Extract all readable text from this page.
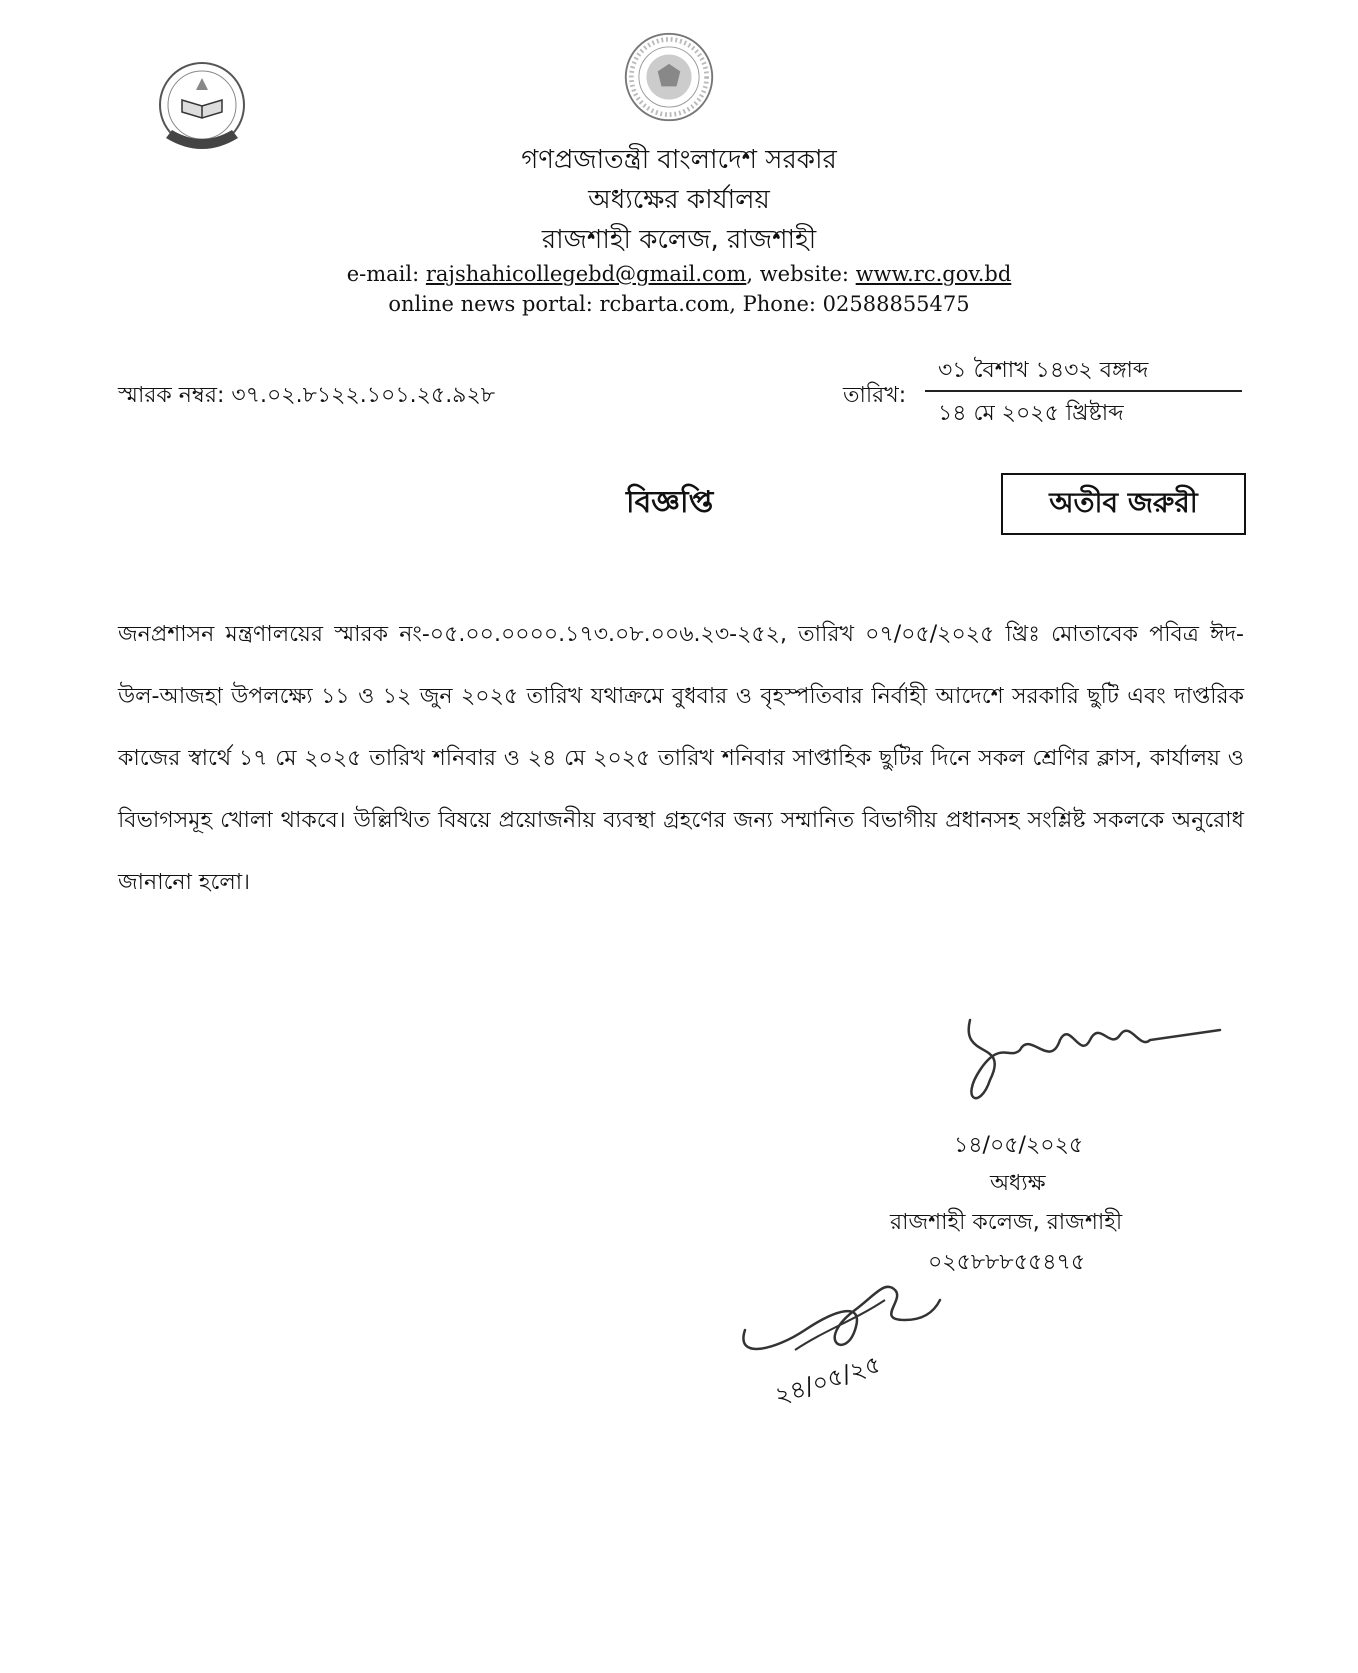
গণপ্রজাতন্ত্রী বাংলাদেশ সরকার
অধ্যক্ষের কার্যালয়
রাজশাহী কলেজ, রাজশাহী
e-mail: rajshahicollegebd@gmail.com, website: www.rc.gov.bd
online news portal: rcbarta.com, Phone: 02588855475
স্মারক নম্বর: ৩৭.০২.৮১২২.১০১.২৫.৯২৮	তারিখ:
৩১ বৈশাখ ১৪৩২ বঙ্গাব্দ
১৪ মে ২০২৫ খ্রিষ্টাব্দ
বিজ্ঞপ্তি	অতীব জরুরী
জনপ্রশাসন মন্ত্রণালয়ের স্মারক নং-০৫.০০.০০০০.১৭৩.০৮.০০৬.২৩-২৫২, তারিখ ০৭/০৫/২০২৫ খ্রিঃ মোতাবেক পবিত্র ঈদ-উল-আজহা উপলক্ষ্যে ১১ ও ১২ জুন ২০২৫ তারিখ যথাক্রমে বুধবার ও বৃহস্পতিবার নির্বাহী আদেশে সরকারি ছুটি এবং দাপ্তরিক কাজের স্বার্থে ১৭ মে ২০২৫ তারিখ শনিবার ও ২৪ মে ২০২৫ তারিখ শনিবার সাপ্তাহিক ছুটির দিনে সকল শ্রেণির ক্লাস, কার্যালয় ও বিভাগসমূহ খোলা থাকবে। উল্লিখিত বিষয়ে প্রয়োজনীয় ব্যবস্থা গ্রহণের জন্য সম্মানিত বিভাগীয় প্রধানসহ সংশ্লিষ্ট সকলকে অনুরোধ জানানো হলো।
১৪/০৫/২০২৫
অধ্যক্ষ
রাজশাহী কলেজ, রাজশাহী
০২৫৮৮৮৫৫৪৭৫
২৪/০৫/২৫
